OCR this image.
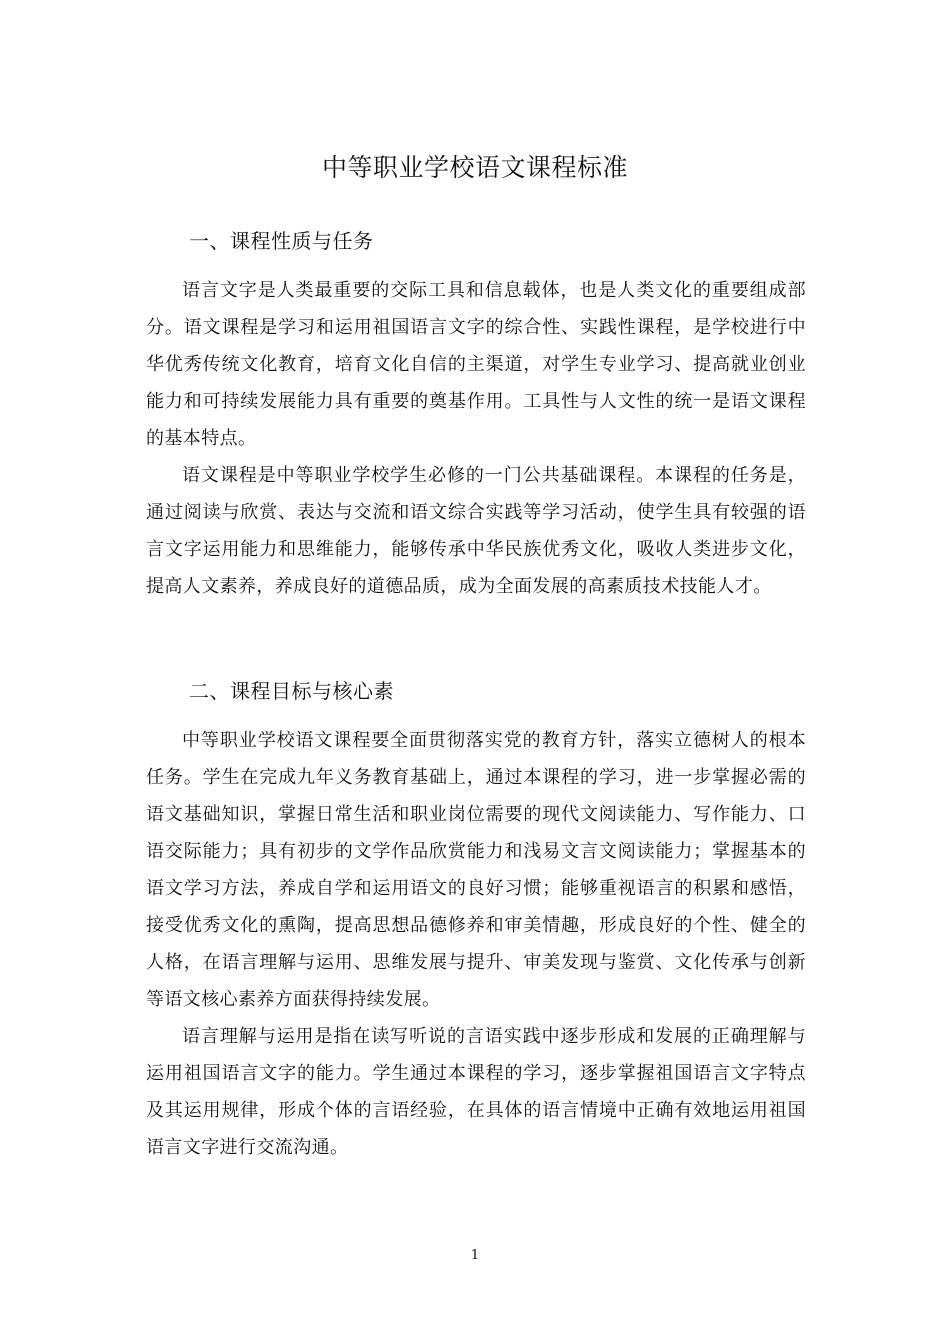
中等职业学校语文课程标准
一、课程性质与任务

语言文字是人类最重要的交际工具和信息载体，也是人类文化的重要组成部分。语文课程是学习和运用祖国语言文字的综合性、实践性课程，是学校进行中华优秀传统文化教育，培育文化自信的主渠道，对学生专业学习、提高就业创业能力和可持续发展能力具有重要的奠基作用。工具性与人文性的统一是语文课程的基本特点。

语文课程是中等职业学校学生必修的一门公共基础课程。本课程的任务是，通过阅读与欣赏、表达与交流和语文综合实践等学习活动，使学生具有较强的语言文字运用能力和思维能力，能够传承中华民族优秀文化，吸收人类进步文化，提高人文素养，养成良好的道德品质，成为全面发展的高素质技术技能人才。

二、课程目标与核心素

中等职业学校语文课程要全面贯彻落实党的教育方针，落实立德树人的根本任务。学生在完成九年义务教育基础上，通过本课程的学习，进一步掌握必需的语文基础知识，掌握日常生活和职业岗位需要的现代文阅读能力、写作能力、口语交际能力；具有初步的文学作品欣赏能力和浅易文言文阅读能力；掌握基本的语文学习方法，养成自学和运用语文的良好习惯；能够重视语言的积累和感悟，接受优秀文化的熏陶，提高思想品德修养和审美情趣，形成良好的个性、健全的人格，在语言理解与运用、思维发展与提升、审美发现与鉴赏、文化传承与创新等语文核心素养方面获得持续发展。

语言理解与运用是指在读写听说的言语实践中逐步形成和发展的正确理解与运用祖国语言文字的能力。学生通过本课程的学习，逐步掌握祖国语言文字特点及其运用规律，形成个体的言语经验，在具体的语言情境中正确有效地运用祖国语言文字进行交流沟通。

1
